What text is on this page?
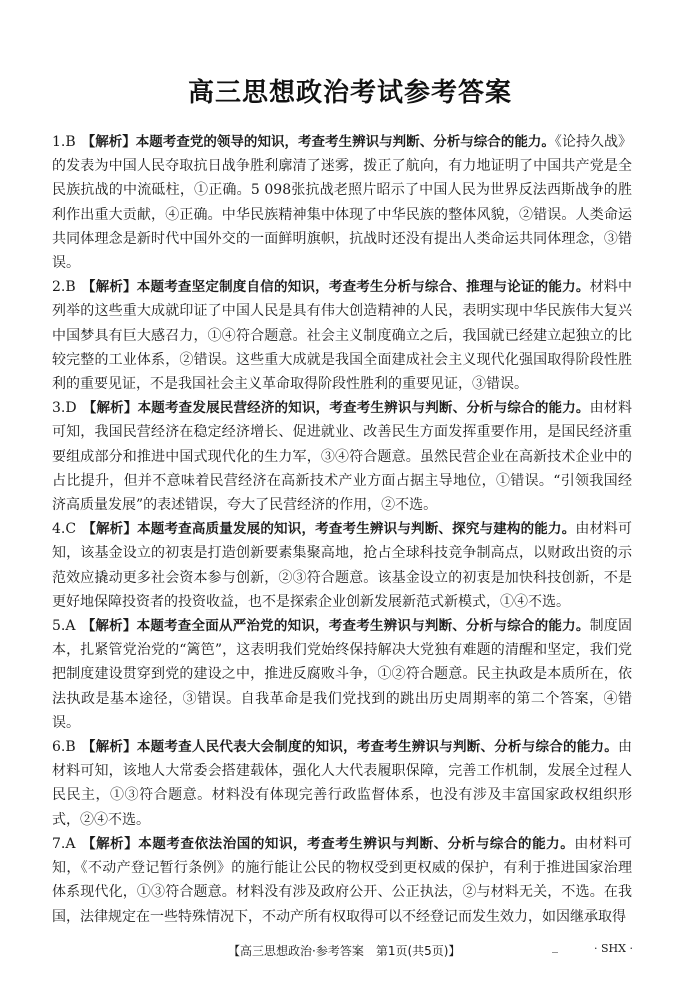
高三思想政治考试参考答案

1.B 【解析】本题考查党的领导的知识，考查考生辨识与判断、分析与综合的能力。《论持久战》的发表为中国人民夺取抗日战争胜利廓清了迷雾，拨正了航向，有力地证明了中国共产党是全民族抗战的中流砥柱，①正确。5 098张抗战老照片昭示了中国人民为世界反法西斯战争的胜利作出重大贡献，④正确。中华民族精神集中体现了中华民族的整体风貌，②错误。人类命运共同体理念是新时代中国外交的一面鲜明旗帜，抗战时还没有提出人类命运共同体理念，③错误。

2.B 【解析】本题考查坚定制度自信的知识，考查考生分析与综合、推理与论证的能力。材料中列举的这些重大成就印证了中国人民是具有伟大创造精神的人民，表明实现中华民族伟大复兴中国梦具有巨大感召力，①④符合题意。社会主义制度确立之后，我国就已经建立起独立的比较完整的工业体系，②错误。这些重大成就是我国全面建成社会主义现代化强国取得阶段性胜利的重要见证，不是我国社会主义革命取得阶段性胜利的重要见证，③错误。

3.D 【解析】本题考查发展民营经济的知识，考查考生辨识与判断、分析与综合的能力。由材料可知，我国民营经济在稳定经济增长、促进就业、改善民生方面发挥重要作用，是国民经济重要组成部分和推进中国式现代化的生力军，③④符合题意。虽然民营企业在高新技术企业中的占比提升，但并不意味着民营经济在高新技术产业方面占据主导地位，①错误。“引领我国经济高质量发展”的表述错误，夸大了民营经济的作用，②不选。

4.C 【解析】本题考查高质量发展的知识，考查考生辨识与判断、探究与建构的能力。由材料可知，该基金设立的初衷是打造创新要素集聚高地，抢占全球科技竞争制高点，以财政出资的示范效应撬动更多社会资本参与创新，②③符合题意。该基金设立的初衷是加快科技创新，不是更好地保障投资者的投资收益，也不是探索企业创新发展新范式新模式，①④不选。

5.A 【解析】本题考查全面从严治党的知识，考查考生辨识与判断、分析与综合的能力。制度固本，扎紧管党治党的“篱笆”，这表明我们党始终保持解决大党独有难题的清醒和坚定，我们党把制度建设贯穿到党的建设之中，推进反腐败斗争，①②符合题意。民主执政是本质所在，依法执政是基本途径，③错误。自我革命是我们党找到的跳出历史周期率的第二个答案，④错误。

6.B 【解析】本题考查人民代表大会制度的知识，考查考生辨识与判断、分析与综合的能力。由材料可知，该地人大常委会搭建载体，强化人大代表履职保障，完善工作机制，发展全过程人民民主，①③符合题意。材料没有体现完善行政监督体系，也没有涉及丰富国家政权组织形式，②④不选。

7.A 【解析】本题考查依法治国的知识，考查考生辨识与判断、分析与综合的能力。由材料可知，《不动产登记暂行条例》的施行能让公民的物权受到更权威的保护，有利于推进国家治理体系现代化，①③符合题意。材料没有涉及政府公开、公正执法，②与材料无关，不选。在我国，法律规定在一些特殊情况下，不动产所有权取得可以不经登记而发生效力，如因继承取得

【高三思想政治·参考答案　第1页(共5页)】	_	· SHX ·
